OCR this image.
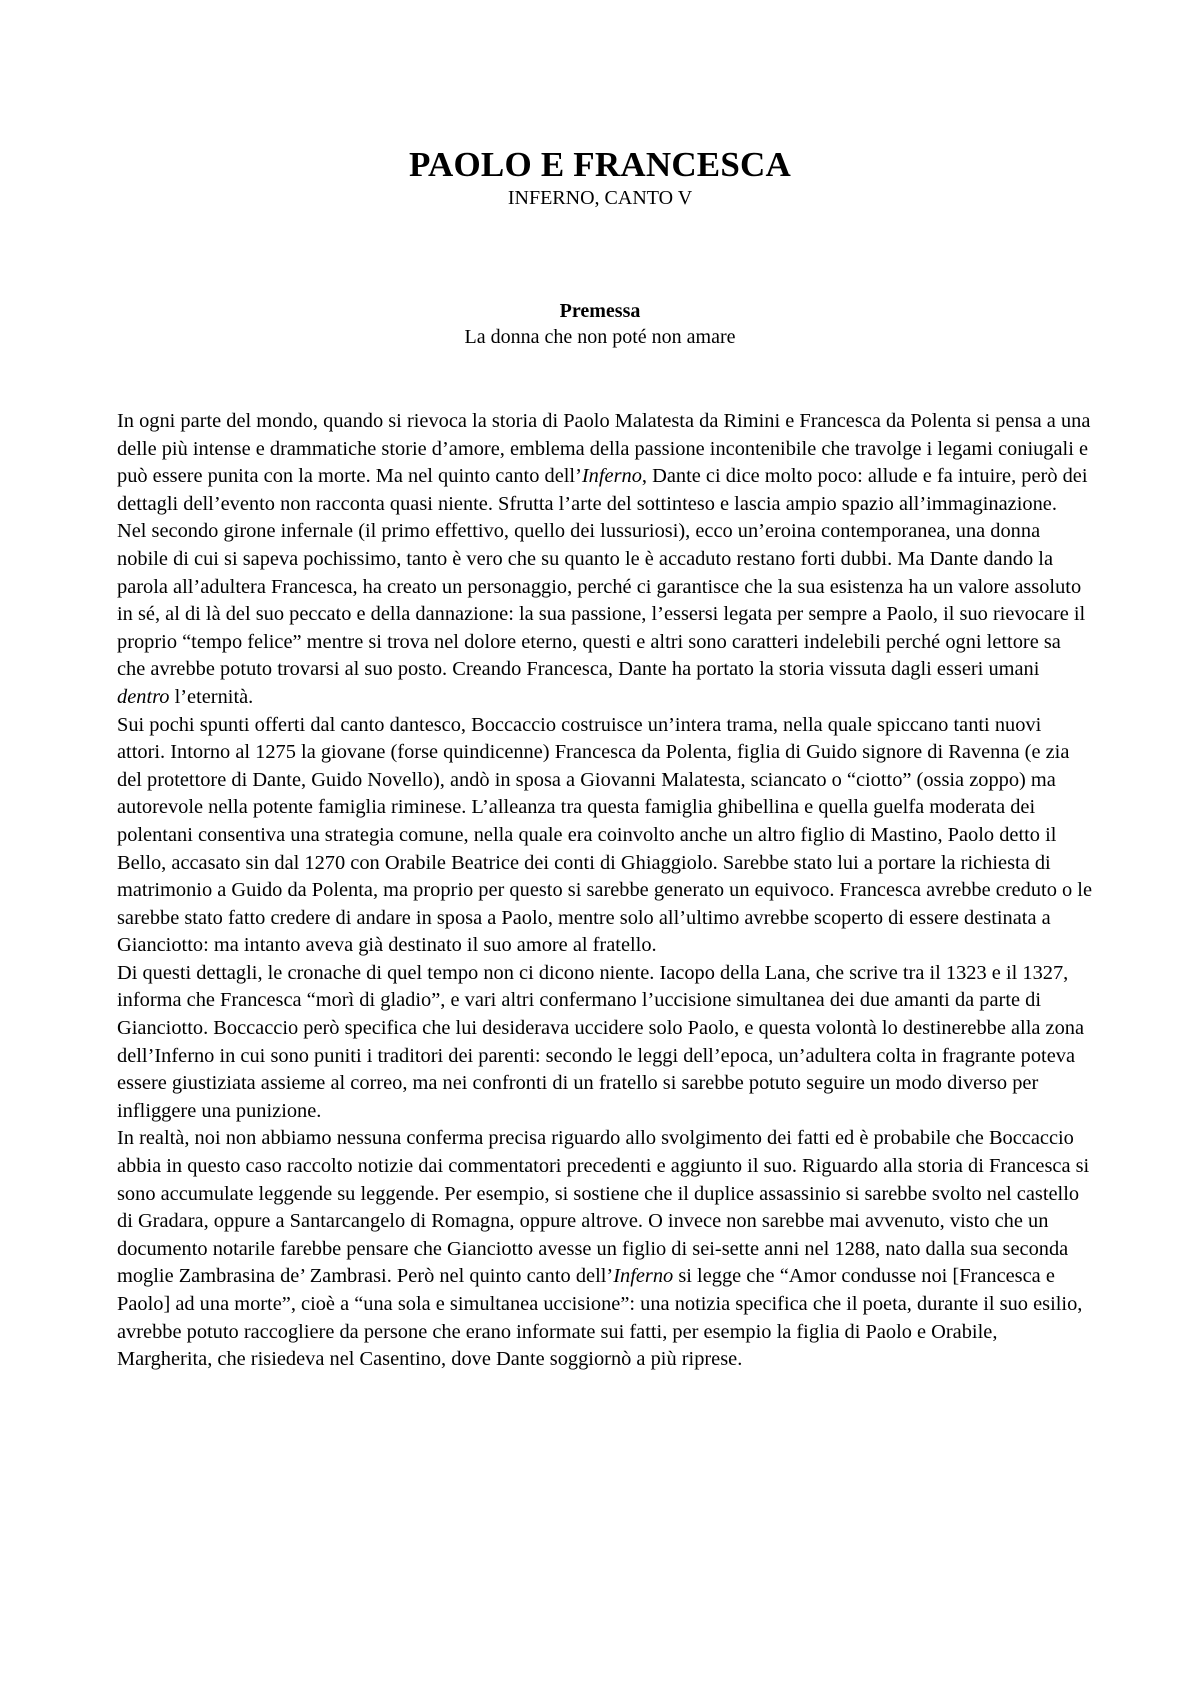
PAOLO E FRANCESCA
INFERNO, CANTO V
Premessa
La donna che non poté non amare

In ogni parte del mondo, quando si rievoca la storia di Paolo Malatesta da Rimini e Francesca da Polenta si pensa a una delle più intense e drammatiche storie d’amore, emblema della passione incontenibile che travolge i legami coniugali e può essere punita con la morte. Ma nel quinto canto dell’Inferno, Dante ci dice molto poco: allude e fa intuire, però dei dettagli dell’evento non racconta quasi niente. Sfrutta l’arte del sottinteso e lascia ampio spazio all’immaginazione.

Nel secondo girone infernale (il primo effettivo, quello dei lussuriosi), ecco un’eroina contemporanea, una donna nobile di cui si sapeva pochissimo, tanto è vero che su quanto le è accaduto restano forti dubbi. Ma Dante dando la parola all’adultera Francesca, ha creato un personaggio, perché ci garantisce che la sua esistenza ha un valore assoluto in sé, al di là del suo peccato e della dannazione: la sua passione, l’essersi legata per sempre a Paolo, il suo rievocare il proprio “tempo felice” mentre si trova nel dolore eterno, questi e altri sono caratteri indelebili perché ogni lettore sa che avrebbe potuto trovarsi al suo posto. Creando Francesca, Dante ha portato la storia vissuta dagli esseri umani dentro l’eternità.

Sui pochi spunti offerti dal canto dantesco, Boccaccio costruisce un’intera trama, nella quale spiccano tanti nuovi attori. Intorno al 1275 la giovane (forse quindicenne) Francesca da Polenta, figlia di Guido signore di Ravenna (e zia del protettore di Dante, Guido Novello), andò in sposa a Giovanni Malatesta, sciancato o “ciotto” (ossia zoppo) ma autorevole nella potente famiglia riminese. L’alleanza tra questa famiglia ghibellina e quella guelfa moderata dei polentani consentiva una strategia comune, nella quale era coinvolto anche un altro figlio di Mastino, Paolo detto il Bello, accasato sin dal 1270 con Orabile Beatrice dei conti di Ghiaggiolo. Sarebbe stato lui a portare la richiesta di matrimonio a Guido da Polenta, ma proprio per questo si sarebbe generato un equivoco. Francesca avrebbe creduto o le sarebbe stato fatto credere di andare in sposa a Paolo, mentre solo all’ultimo avrebbe scoperto di essere destinata a Gianciotto: ma intanto aveva già destinato il suo amore al fratello.

Di questi dettagli, le cronache di quel tempo non ci dicono niente. Iacopo della Lana, che scrive tra il 1323 e il 1327, informa che Francesca “morì di gladio”, e vari altri confermano l’uccisione simultanea dei due amanti da parte di Gianciotto. Boccaccio però specifica che lui desiderava uccidere solo Paolo, e questa volontà lo destinerebbe alla zona dell’Inferno in cui sono puniti i traditori dei parenti: secondo le leggi dell’epoca, un’adultera colta in fragrante poteva essere giustiziata assieme al correo, ma nei confronti di un fratello si sarebbe potuto seguire un modo diverso per infliggere una punizione.

In realtà, noi non abbiamo nessuna conferma precisa riguardo allo svolgimento dei fatti ed è probabile che Boccaccio abbia in questo caso raccolto notizie dai commentatori precedenti e aggiunto il suo. Riguardo alla storia di Francesca si sono accumulate leggende su leggende. Per esempio, si sostiene che il duplice assassinio si sarebbe svolto nel castello di Gradara, oppure a Santarcangelo di Romagna, oppure altrove. O invece non sarebbe mai avvenuto, visto che un documento notarile farebbe pensare che Gianciotto avesse un figlio di sei-sette anni nel 1288, nato dalla sua seconda moglie Zambrasina de’ Zambrasi. Però nel quinto canto dell’Inferno si legge che “Amor condusse noi [Francesca e Paolo] ad una morte”, cioè a “una sola e simultanea uccisione”: una notizia specifica che il poeta, durante il suo esilio, avrebbe potuto raccogliere da persone che erano informate sui fatti, per esempio la figlia di Paolo e Orabile, Margherita, che risiedeva nel Casentino, dove Dante soggiornò a più riprese.
